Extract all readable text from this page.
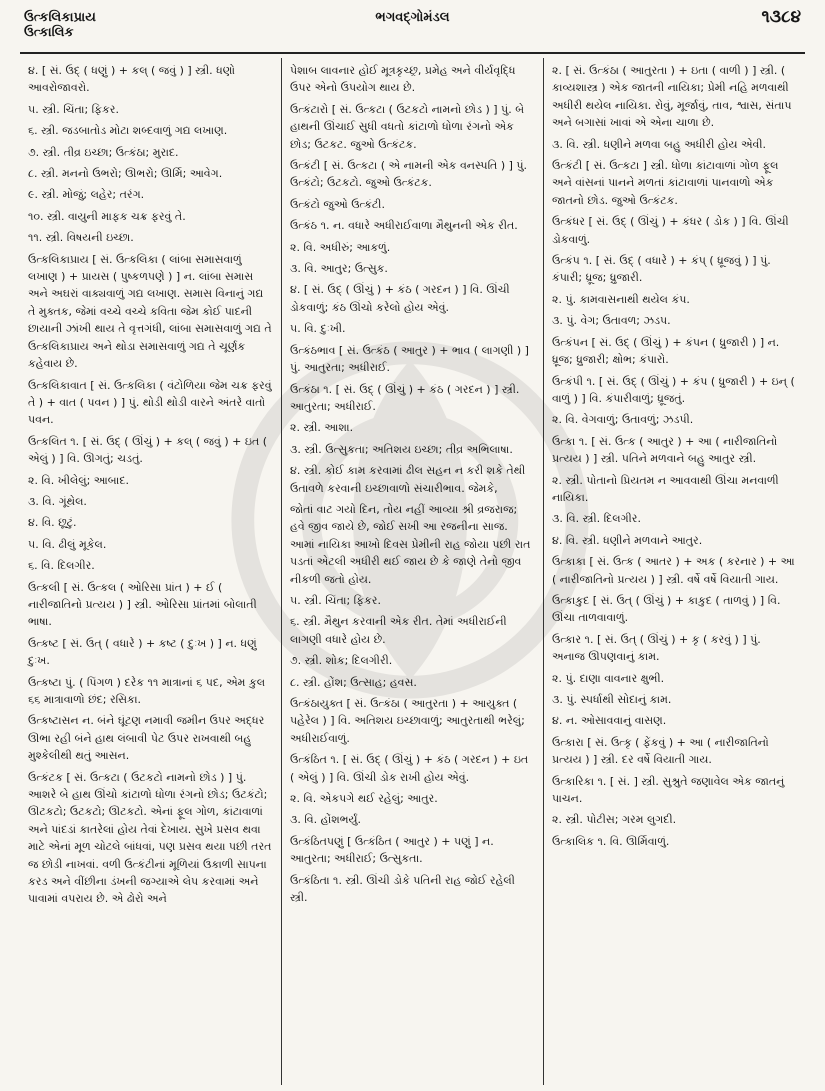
ઉત્કલિકાપ્રાય
ઉત્કાલિક
ભગવદ્ગોમંડલ	૧૩૮૪

૪. [ સં. ઉદ્ ( ધણું ) + કલ્ ( જવું ) ] સ્ત્રી. ધણો આવરોજાવરો.

૫. સ્ત્રી. ચિંતા; ફિકર.

૬. સ્ત્રી. જડબાતોડ મોટા શબ્દવાળું ગદ્ય લખાણ.

૭. સ્ત્રી. તીવ્ર ઇચ્છા; ઉત્કંઠા; મુરાદ.

૮. સ્ત્રી. મનનો ઉભરો; ઊભરો; ઊર્મિ; આવેગ.

૯. સ્ત્રી. મોજું; લહેર; તરંગ.

૧૦. સ્ત્રી. વાયુની માફક ચક્ર ફરવું તે.

૧૧. સ્ત્રી. વિષયની ઇચ્છા.

ઉત્કલિકાપ્રાય [ સં. ઉત્કલિકા ( લાંબા સમાસવાળું લખાણ ) + પ્રાયસ ( પુષ્કળપણે ) ] ન. લાંબા સમાસ અને અઘરાં વાક્યવાળું ગદ્ય લખાણ. સમાસ વિનાનું ગદ્ય તે મુક્તક, જેમાં વચ્ચે વચ્ચે કવિતા જેમ કોઈ પાદની છાયાની ઝાંખી થાય તે વૃત્તગંધી, લાંબા સમાસવાળું ગદ્ય તે ઉત્કલિકાપ્રાય અને થોડા સમાસવાળું ગદ્ય તે ચૂર્ણક કહેવાય છે.

ઉત્કલિકાવાત [ સં. ઉત્કલિકા ( વંટોળિયા જેમ ચક્ર ફરવું તે ) + વાત ( પવન ) ] પું. થોડી થોડી વારને અંતરે વાતો પવન.

ઉત્કલિત ૧. [ સં. ઉદ્ ( ઊંચું ) + કલ્ ( જવું ) + ઇત ( એલું ) ] વિ. ઊગતું; ચડતું.

૨. વિ. ખીલેલું; આબાદ.

૩. વિ. ગૂંથેલ.

૪. વિ. છૂટું.

૫. વિ. ઢીલું મૂકેલ.

૬. વિ. દિલગીર.

ઉત્કલી [ સં. ઉત્કલ ( ઓરિસા પ્રાંત ) + ઈ ( નારીજાતિનો પ્રત્યય ) ] સ્ત્રી. ઓરિસા પ્રાંતમાં બોલાતી ભાષા.

ઉત્કષ્ટ [ સં. ઉત્ ( વધારે ) + કષ્ટ ( દુઃખ ) ] ન. ધણું દુઃખ.

ઉત્કષ્ટા પું. ( પિંગળ ) દરેક ૧૧ માત્રાનાં ૬ પદ, એમ કુલ ૬૬ માત્રાવાળો છંદ; રસિકા.

ઉત્કષ્ટાસન ન. બંને ઘૂંટણ નમાવી જમીન ઉપર અદ્ધર ઊભા રહી બંને હાથ લંબાવી પેટ ઉપર રાખવાથી બહુ મુશ્કેલીથી થતું આસન.

ઉત્કંટક [ સં. ઉત્કટા ( ઉટકટો નામનો છોડ ) ] પું. આશરે બે હાથ ઊંચો કાંટાળો ધોળા રંગનો છોડ; ઉટકંટો; ઊટકટો; ઉટકટો; ઊટકટો. એનાં ફૂલ ગોળ, કાંટાવાળાં અને પાંદડાં કાતરેલાં હોય તેવાં દેખાય. સુખે પ્રસવ થવા માટે એનાં મૂળ ચોટલે બાંધવાં, પણ પ્રસવ થયા પછી તરત જ છોડી નાખવાં. વળી ઉત્કંટીનાં મૂળિયાં ઉકાળી સાપના કરડ અને વીંછીના ડંખની જગ્યાએ લેપ કરવામાં અને પાવામાં વપરાય છે. એ ઢોરો અને

પેશાબ લાવનાર હોઈ મૂત્રકૃચ્છ્ર, પ્રમેહ અને વીર્યવૃદ્ધિ ઉપર એનો ઉપયોગ થાય છે.

ઉત્કંટારો [ સં. ઉત્કટા ( ઉટકટો નામનો છોડ ) ] પું. બે હાથની ઊંચાઈ સુધી વધતો કાંટાળો ધોળા રંગનો એક છોડ; ઉટકટ. જુઓ ઉત્કંટક.

ઉત્કંટી [ સં. ઉત્કટા ( એ નામની એક વનસ્પતિ ) ] પું. ઉત્કંટો; ઉટકટો. જુઓ ઉત્કંટક.

ઉત્કંટો જુઓ ઉત્કંટી.

ઉત્કંઠ ૧. ન. વધારે અધીરાઈવાળા મૈથુનની એક રીત.

૨. વિ. અધીરું; આકળું.

૩. વિ. આતુર; ઉત્સુક.

૪. [ સં. ઉદ્ ( ઊંચું ) + કંઠ ( ગરદન ) ] વિ. ઊંચી ડોકવાળું; કંઠ ઊંચો કરેલો હોય એવું.

૫. વિ. દુઃખી.

ઉત્કંઠભાવ [ સં. ઉત્કંઠ ( આતુર ) + ભાવ ( લાગણી ) ] પું. આતુરતા; અધીરાઈ.

ઉત્કંઠા ૧. [ સં. ઉદ્ ( ઊંચું ) + કંઠ ( ગરદન ) ] સ્ત્રી. આતુરતા; અધીરાઈ.

૨. સ્ત્રી. આશા.

૩. સ્ત્રી. ઉત્સુકતા; અતિશય ઇચ્છા; તીવ્ર અભિલાષા.

૪. સ્ત્રી. કોઈ કામ કરવામાં ઢીલ સહન ન કરી શકે તેથી ઉતાવળે કરવાની ઇચ્છાવાળો સંચારીભાવ. જેમકે,

જોતાં વાટ ગયો દિન, તોય નહીં આવ્યા શ્રી વ્રજરાજ; હવે જીવ જાયે છે, જોઈ સખી આ રજનીના સાજ. આમાં નાયિકા આખો દિવસ પ્રેમીની રાહ જોયા પછી રાત પડતાં એટલી અધીરી થઈ જાય છે કે જાણે તેનો જીવ નીકળી જતો હોય.

૫. સ્ત્રી. ચિંતા; ફિકર.

૬. સ્ત્રી. મૈથુન કરવાની એક રીત. તેમાં અધીરાઈની લાગણી વધારે હોય છે.

૭. સ્ત્રી. શોક; દિલગીરી.

૮. સ્ત્રી. હોંશ; ઉત્સાહ; હવસ.

ઉત્કંઠાયુક્ત [ સં. ઉત્કંઠા ( આતુરતા ) + આયુક્ત ( પહેરેલ ) ] વિ. અતિશય ઇચ્છાવાળું; આતુરતાથી ભરેલું; અધીરાઈવાળું.

ઉત્કંઠિત ૧. [ સં. ઉદ્ ( ઊંચું ) + કંઠ ( ગરદન ) + ઇત ( એલું ) ] વિ. ઊંચી ડોક રાખી હોય એવું.

૨. વિ. એકપગે થઈ રહેલું; આતુર.

૩. વિ. હોંશભર્યું.

ઉત્કંઠિતપણું [ ઉત્કંઠિત ( આતુર ) + પણું ] ન. આતુરતા; અધીરાઈ; ઉત્સુકતા.

ઉત્કંઠિતા ૧. સ્ત્રી. ઊંચી ડોકે પતિની રાહ જોઈ રહેલી સ્ત્રી.

૨. [ સં. ઉત્કંઠા ( આતુરતા ) + ઇતા ( વાળી ) ] સ્ત્રી. ( કાવ્યશાસ્ત્ર ) એક જાતની નાયિકા; પ્રેમી નહિ મળવાથી અધીરી થયેલ નાયિકા. રોવું, મૂર્જાવું, તાવ, શ્વાસ, સંતાપ અને બગાસાં ખાવાં એ એના ચાળા છે.

૩. વિ. સ્ત્રી. ધણીને મળવા બહુ અધીરી હોય એવી.

ઉત્કંટી [ સં. ઉત્કટા ] સ્ત્રી. ધોળા કાંટાવાળાં ગોળ ફૂલ અને વાંસનાં પાનને મળતાં કાંટાવાળાં પાનવાળો એક જાતનો છોડ. જુઓ ઉત્કંટક.

ઉત્કંધર [ સં. ઉદ્ ( ઊંચું ) + કંધર ( ડોક ) ] વિ. ઊંચી ડોકવાળું.

ઉત્કંપ ૧. [ સં. ઉદ્ ( વધારે ) + કંપ્ ( ધ્રૂજવું ) ] પું. કંપારી; ધ્રૂજ; ધ્રુજારી.

૨. પું. કામવાસનાથી થયેલ કંપ.

૩. પું. વેગ; ઉતાવળ; ઝડપ.

ઉત્કંપન [ સં. ઉદ્ ( ઊંચું ) + કંપન ( ધ્રુજારી ) ] ન. ધ્રૂજ; ધ્રુજારી; ક્ષોભ; કંપારો.

ઉત્કંપી ૧. [ સં. ઉદ્ ( ઊંચું ) + કંપ ( ધ્રુજારી ) + ઇન્ ( વાળું ) ] વિ. કંપારીવાળું; ધ્રૂજતું.

૨. વિ. વેગવાળું; ઉતાવળું; ઝડપી.

ઉત્કા ૧. [ સં. ઉત્ક ( આતુર ) + આ ( નારીજાતિનો પ્રત્યય ) ] સ્ત્રી. પતિને મળવાને બહુ આતુર સ્ત્રી.

૨. સ્ત્રી. પોતાનો પ્રિયતમ ન આવવાથી ઊંચા મનવાળી નાયિકા.

૩. વિ. સ્ત્રી. દિલગીર.

૪. વિ. સ્ત્રી. ધણીને મળવાને આતુર.

ઉત્કાકા [ સં. ઉત્ક ( આતર ) + અક ( કરનાર ) + આ ( નારીજાતિનો પ્રત્યય ) ] સ્ત્રી. વર્ષે વર્ષે વિયાતી ગાય.

ઉત્કાકુદ [ સં. ઉત્ ( ઊંચું ) + કાકુદ ( તાળવું ) ] વિ. ઊંચા તાળવાવાળું.

ઉત્કાર ૧. [ સં. ઉત્ ( ઊંચું ) + કૃ ( કરવું ) ] પું. અનાજ ઊપણવાનું કામ.

૨. પું. દાણા વાવનાર ક્ષુભી.

૩. પું. સ્પર્ધાથી સોદાનું કામ.

૪. ન. ઓસાવવાનું વાસણ.

ઉત્કારા [ સં. ઉત્કૃ ( ફેંકવું ) + આ ( નારીજાતિનો પ્રત્યય ) ] સ્ત્રી. દર વર્ષે વિયાતી ગાય.

ઉત્કારિકા ૧. [ સં. ] સ્ત્રી. સુશ્રુતે જણાવેલ એક જાતનું પાચન.

૨. સ્ત્રી. પોટીસ; ગરમ લુગદી.

ઉત્કાલિક ૧. વિ. ઊર્મિવાળું.
